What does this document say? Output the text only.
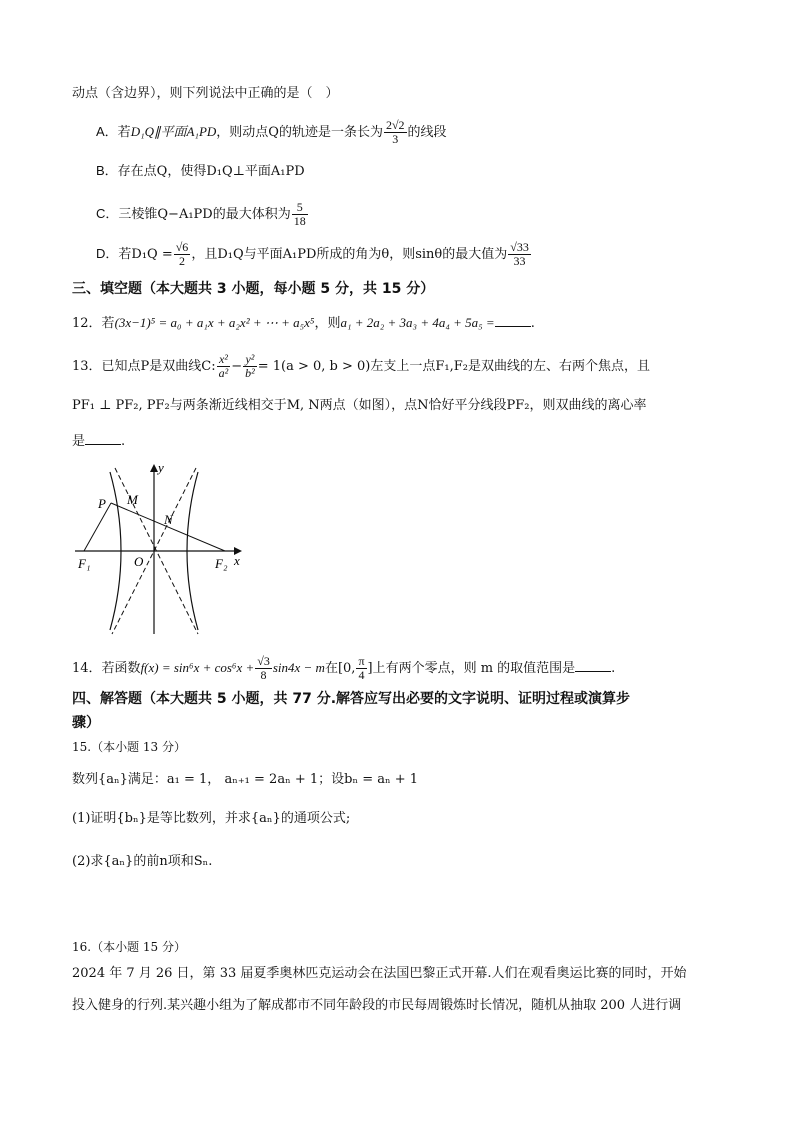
动点（含边界），则下列说法中正确的是（　）
A．若D₁Q∥平面A₁PD，则动点Q的轨迹是一条长为 $\frac{2√2}{3}$ 的线段
B．存在点Q，使得D₁Q⊥平面A₁PD
C．三棱锥Q−A₁PD的最大体积为 $\frac{5}{18}$
D．若$D_1Q = \frac{√6}{2}$ ，且D₁Q与平面A₁PD所成的角为θ，则sinθ的最大值为 $\frac{√33}{33}$
三、填空题（本大题共 3 小题，每小题 5 分，共 15 分）
12．若(3x−1)⁵ = a₀ + a₁x + a₂x² + ⋯ + a₅x⁵，则a₁ + 2a₂ + 3a₃ + 4a₄ + 5a₅ =	.
13．已知点P是双曲线C: $\frac{\text{x²}}{\text{a²}} - \frac{\text{y²}}{\text{b²}} = 1(a > 0$, b > 0)左支上一点F₁,F₂是双曲线的左、右两个焦点，且
PF₁ ⊥ PF₂, PF₂与两条渐近线相交于M, N两点（如图），点N恰好平分线段PF₂，则双曲线的离心率
是	.
y
x
P M
N
O
F₁	F₂
14．若函数$f(x) = \sin^6x + \cos^6x + \frac{√3}{8} \sin 4x - m$在[0, $\frac{\pi}{4}$ ]上有两个零点，则 m 的取值范围是	.
四、解答题（本大题共 5 小题，共 77 分.解答应写出必要的文字说明、证明过程或演算步
骤）
15.（本小题 13 分）
数列{aₙ}满足：a₁ = 1， aₙ₊₁ = 2aₙ + 1；设bₙ = aₙ + 1
(1)证明{bₙ}是等比数列，并求{aₙ}的通项公式;
(2)求{aₙ}的前n项和Sₙ.
16.（本小题 15 分）
2024 年 7 月 26 日，第 33 届夏季奥林匹克运动会在法国巴黎正式开幕.人们在观看奥运比赛的同时，开始
投入健身的行列.某兴趣小组为了解成都市不同年龄段的市民每周锻炼时长情况，随机从抽取 200 人进行调
